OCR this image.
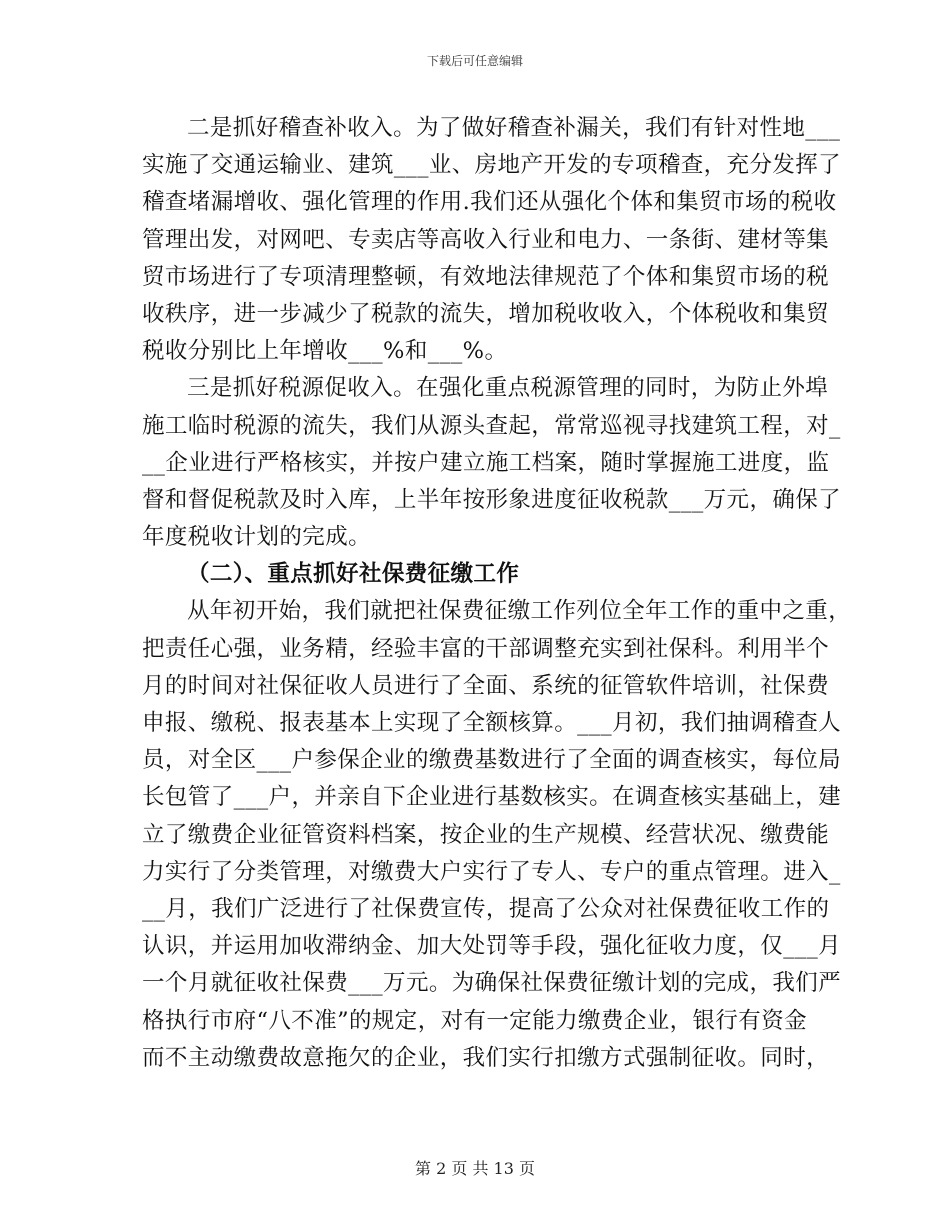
下载后可任意编辑
二是抓好稽查补收入。为了做好稽查补漏关，我们有针对性地___
实施了交通运输业、建筑___业、房地产开发的专项稽查，充分发挥了
稽查堵漏增收、强化管理的作用.我们还从强化个体和集贸市场的税收
管理出发，对网吧、专卖店等高收入行业和电力、一条街、建材等集
贸市场进行了专项清理整顿，有效地法律规范了个体和集贸市场的税
收秩序，进一步减少了税款的流失，增加税收收入，个体税收和集贸
税收分别比上年增收___%和___%。
三是抓好税源促收入。在强化重点税源管理的同时，为防止外埠
施工临时税源的流失，我们从源头查起，常常巡视寻找建筑工程，对_
__企业进行严格核实，并按户建立施工档案，随时掌握施工进度，监
督和督促税款及时入库，上半年按形象进度征收税款___万元，确保了
年度税收计划的完成。
（二）、重点抓好社保费征缴工作
从年初开始，我们就把社保费征缴工作列位全年工作的重中之重，
把责任心强，业务精，经验丰富的干部调整充实到社保科。利用半个
月的时间对社保征收人员进行了全面、系统的征管软件培训，社保费
申报、缴税、报表基本上实现了全额核算。___月初，我们抽调稽查人
员，对全区___户参保企业的缴费基数进行了全面的调查核实，每位局
长包管了___户，并亲自下企业进行基数核实。在调查核实基础上，建
立了缴费企业征管资料档案，按企业的生产规模、经营状况、缴费能
力实行了分类管理，对缴费大户实行了专人、专户的重点管理。进入_
__月，我们广泛进行了社保费宣传，提高了公众对社保费征收工作的
认识，并运用加收滞纳金、加大处罚等手段，强化征收力度，仅___月
一个月就征收社保费___万元。为确保社保费征缴计划的完成，我们严
格执行市府“八不准”的规定，对有一定能力缴费企业，银行有资金
而不主动缴费故意拖欠的企业，我们实行扣缴方式强制征收。同时，
第 2 页 共 13 页
